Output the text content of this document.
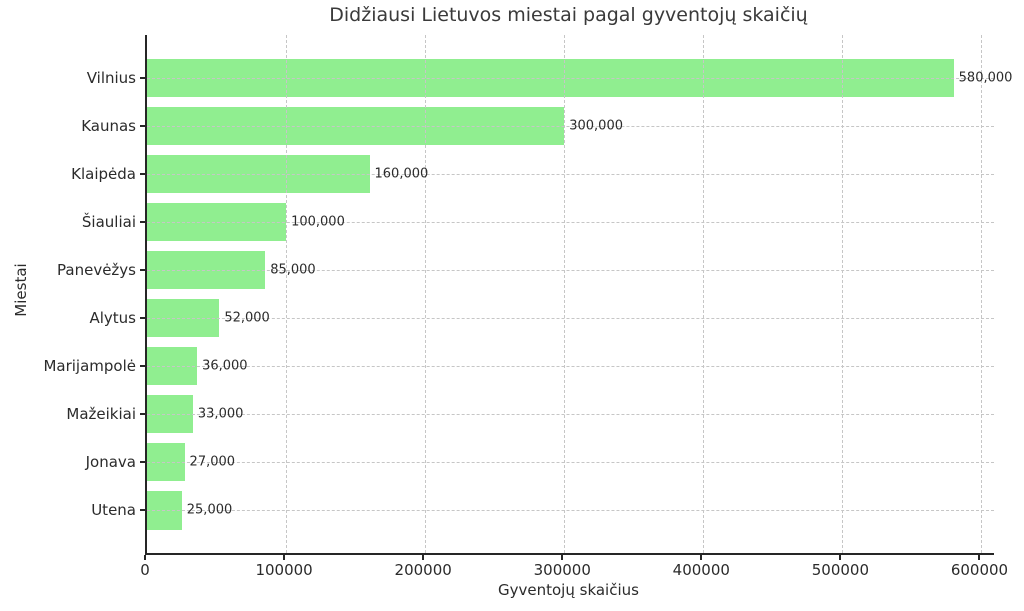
Didžiausi Lietuvos miestai pagal gyventojų skaičių
Miestai
580,000
300,000
160,000
100,000
85,000
52,000
36,000
33,000
27,000
25,000
Gyventojų skaičius
0	100000	200000	300000	400000	500000	600000
Vilnius
Kaunas
Klaipėda
Šiauliai
Panevėžys
Alytus
Marijampolė
Mažeikiai
Jonava
Utena
